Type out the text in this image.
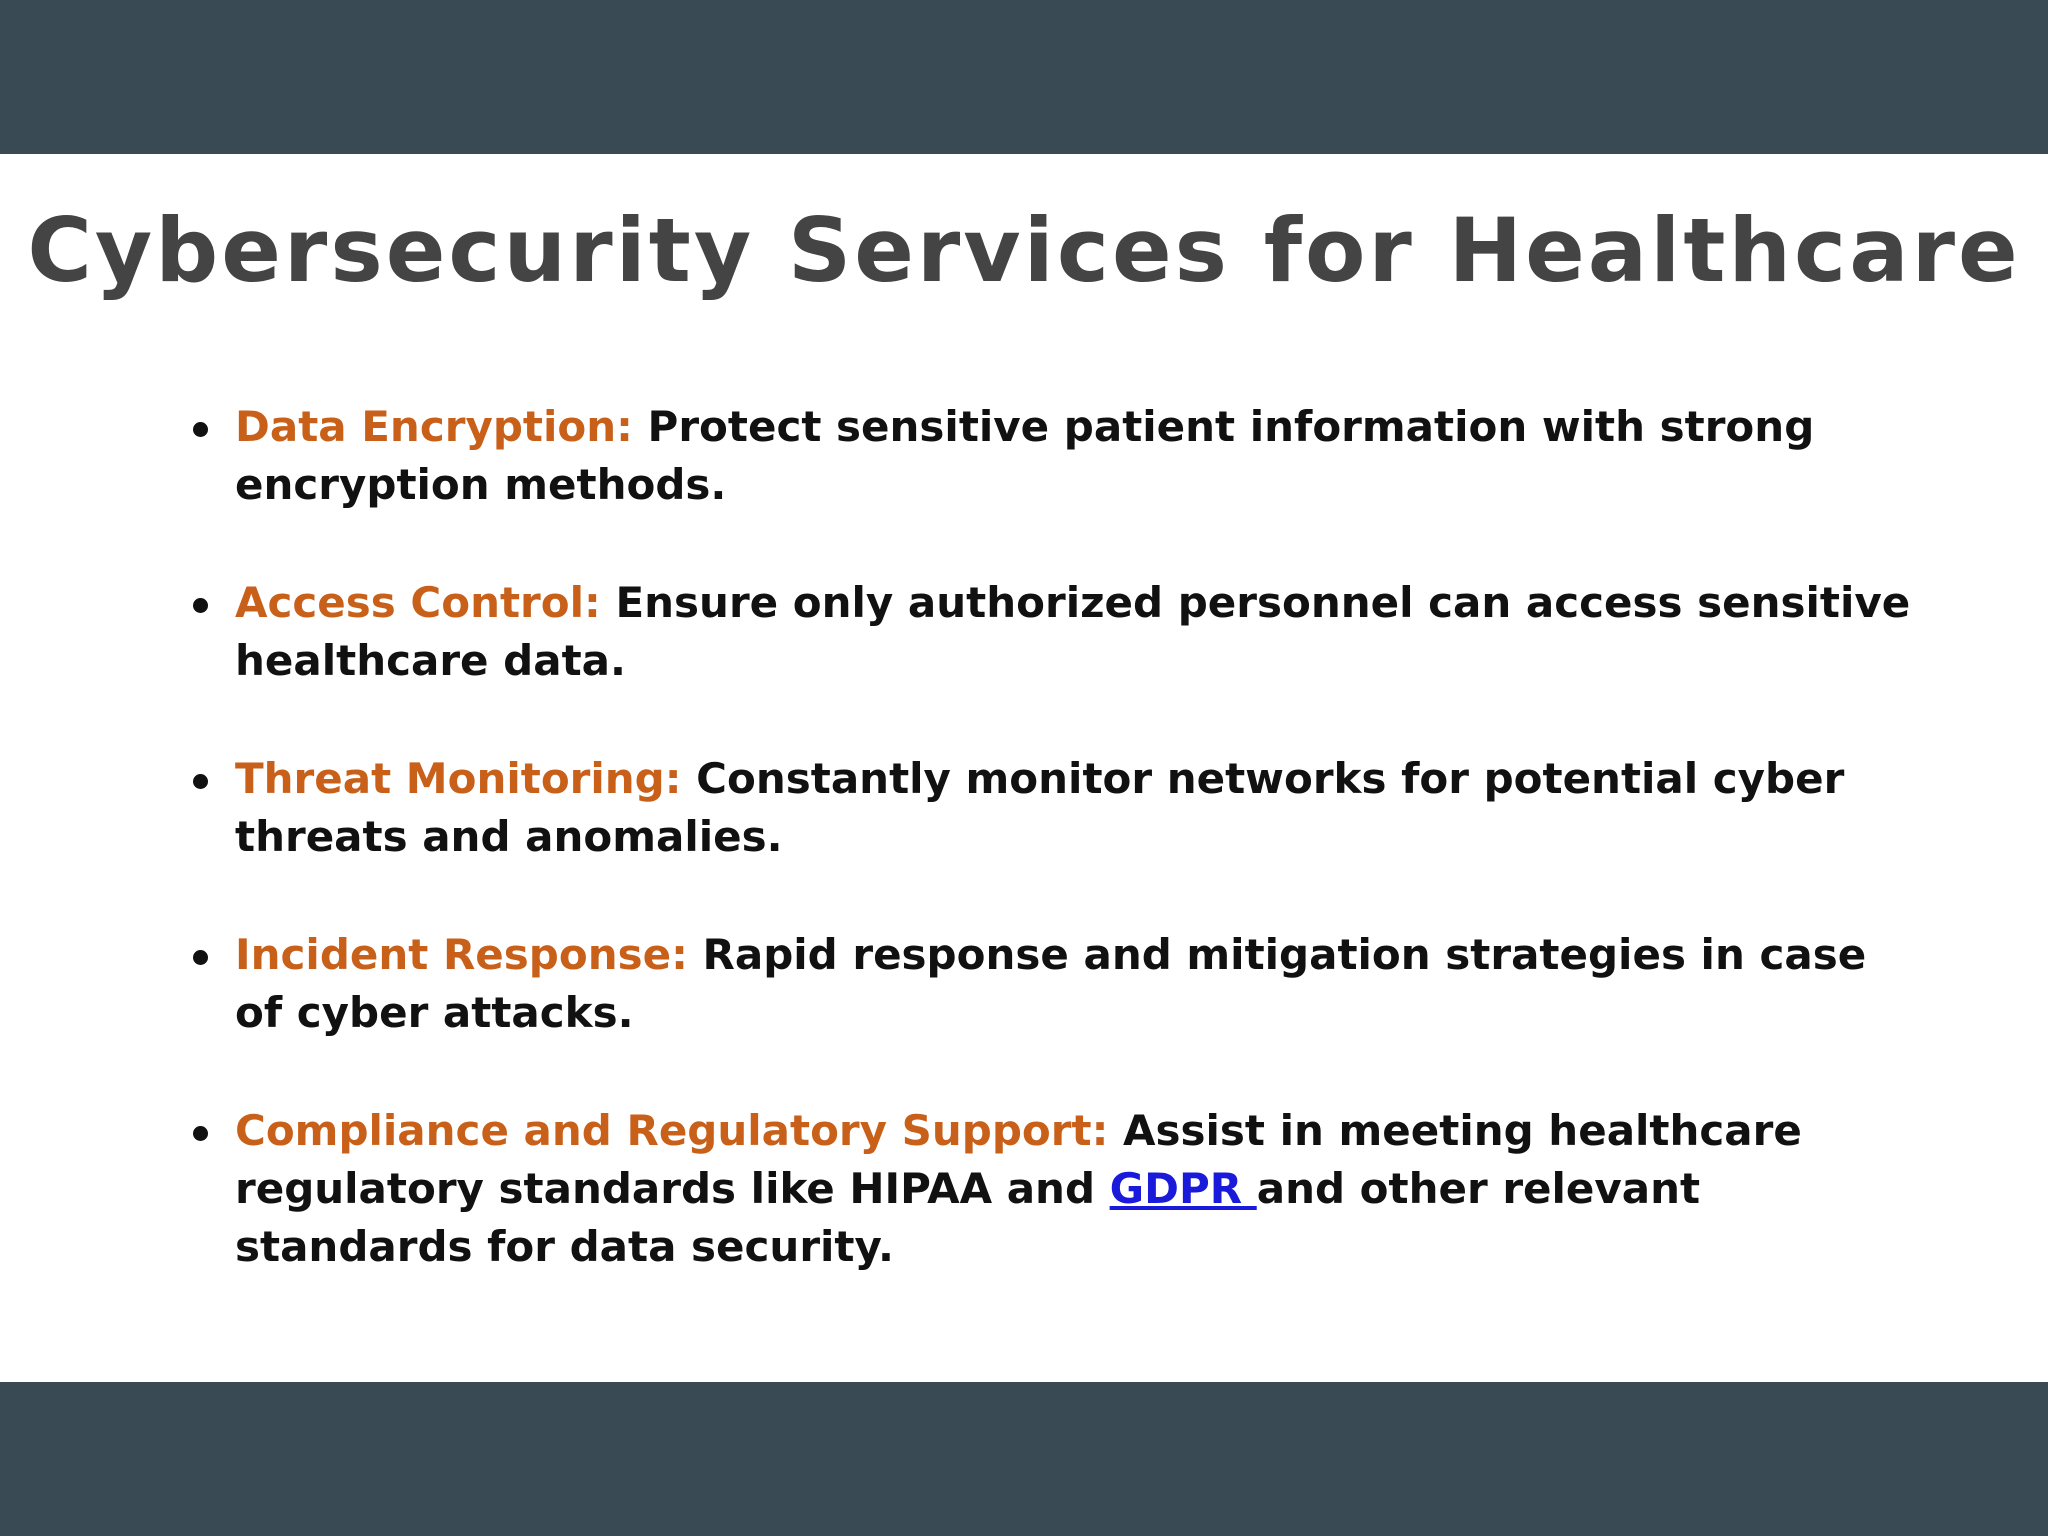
Cybersecurity Services for Healthcare
Data Encryption: Protect sensitive patient information with strong encryption methods.
Access Control: Ensure only authorized personnel can access sensitive healthcare data.
Threat Monitoring: Constantly monitor networks for potential cyber threats and anomalies.
Incident Response: Rapid response and mitigation strategies in case of cyber attacks.
Compliance and Regulatory Support: Assist in meeting healthcare regulatory standards like HIPAA and GDPR and other relevant standards for data security.
